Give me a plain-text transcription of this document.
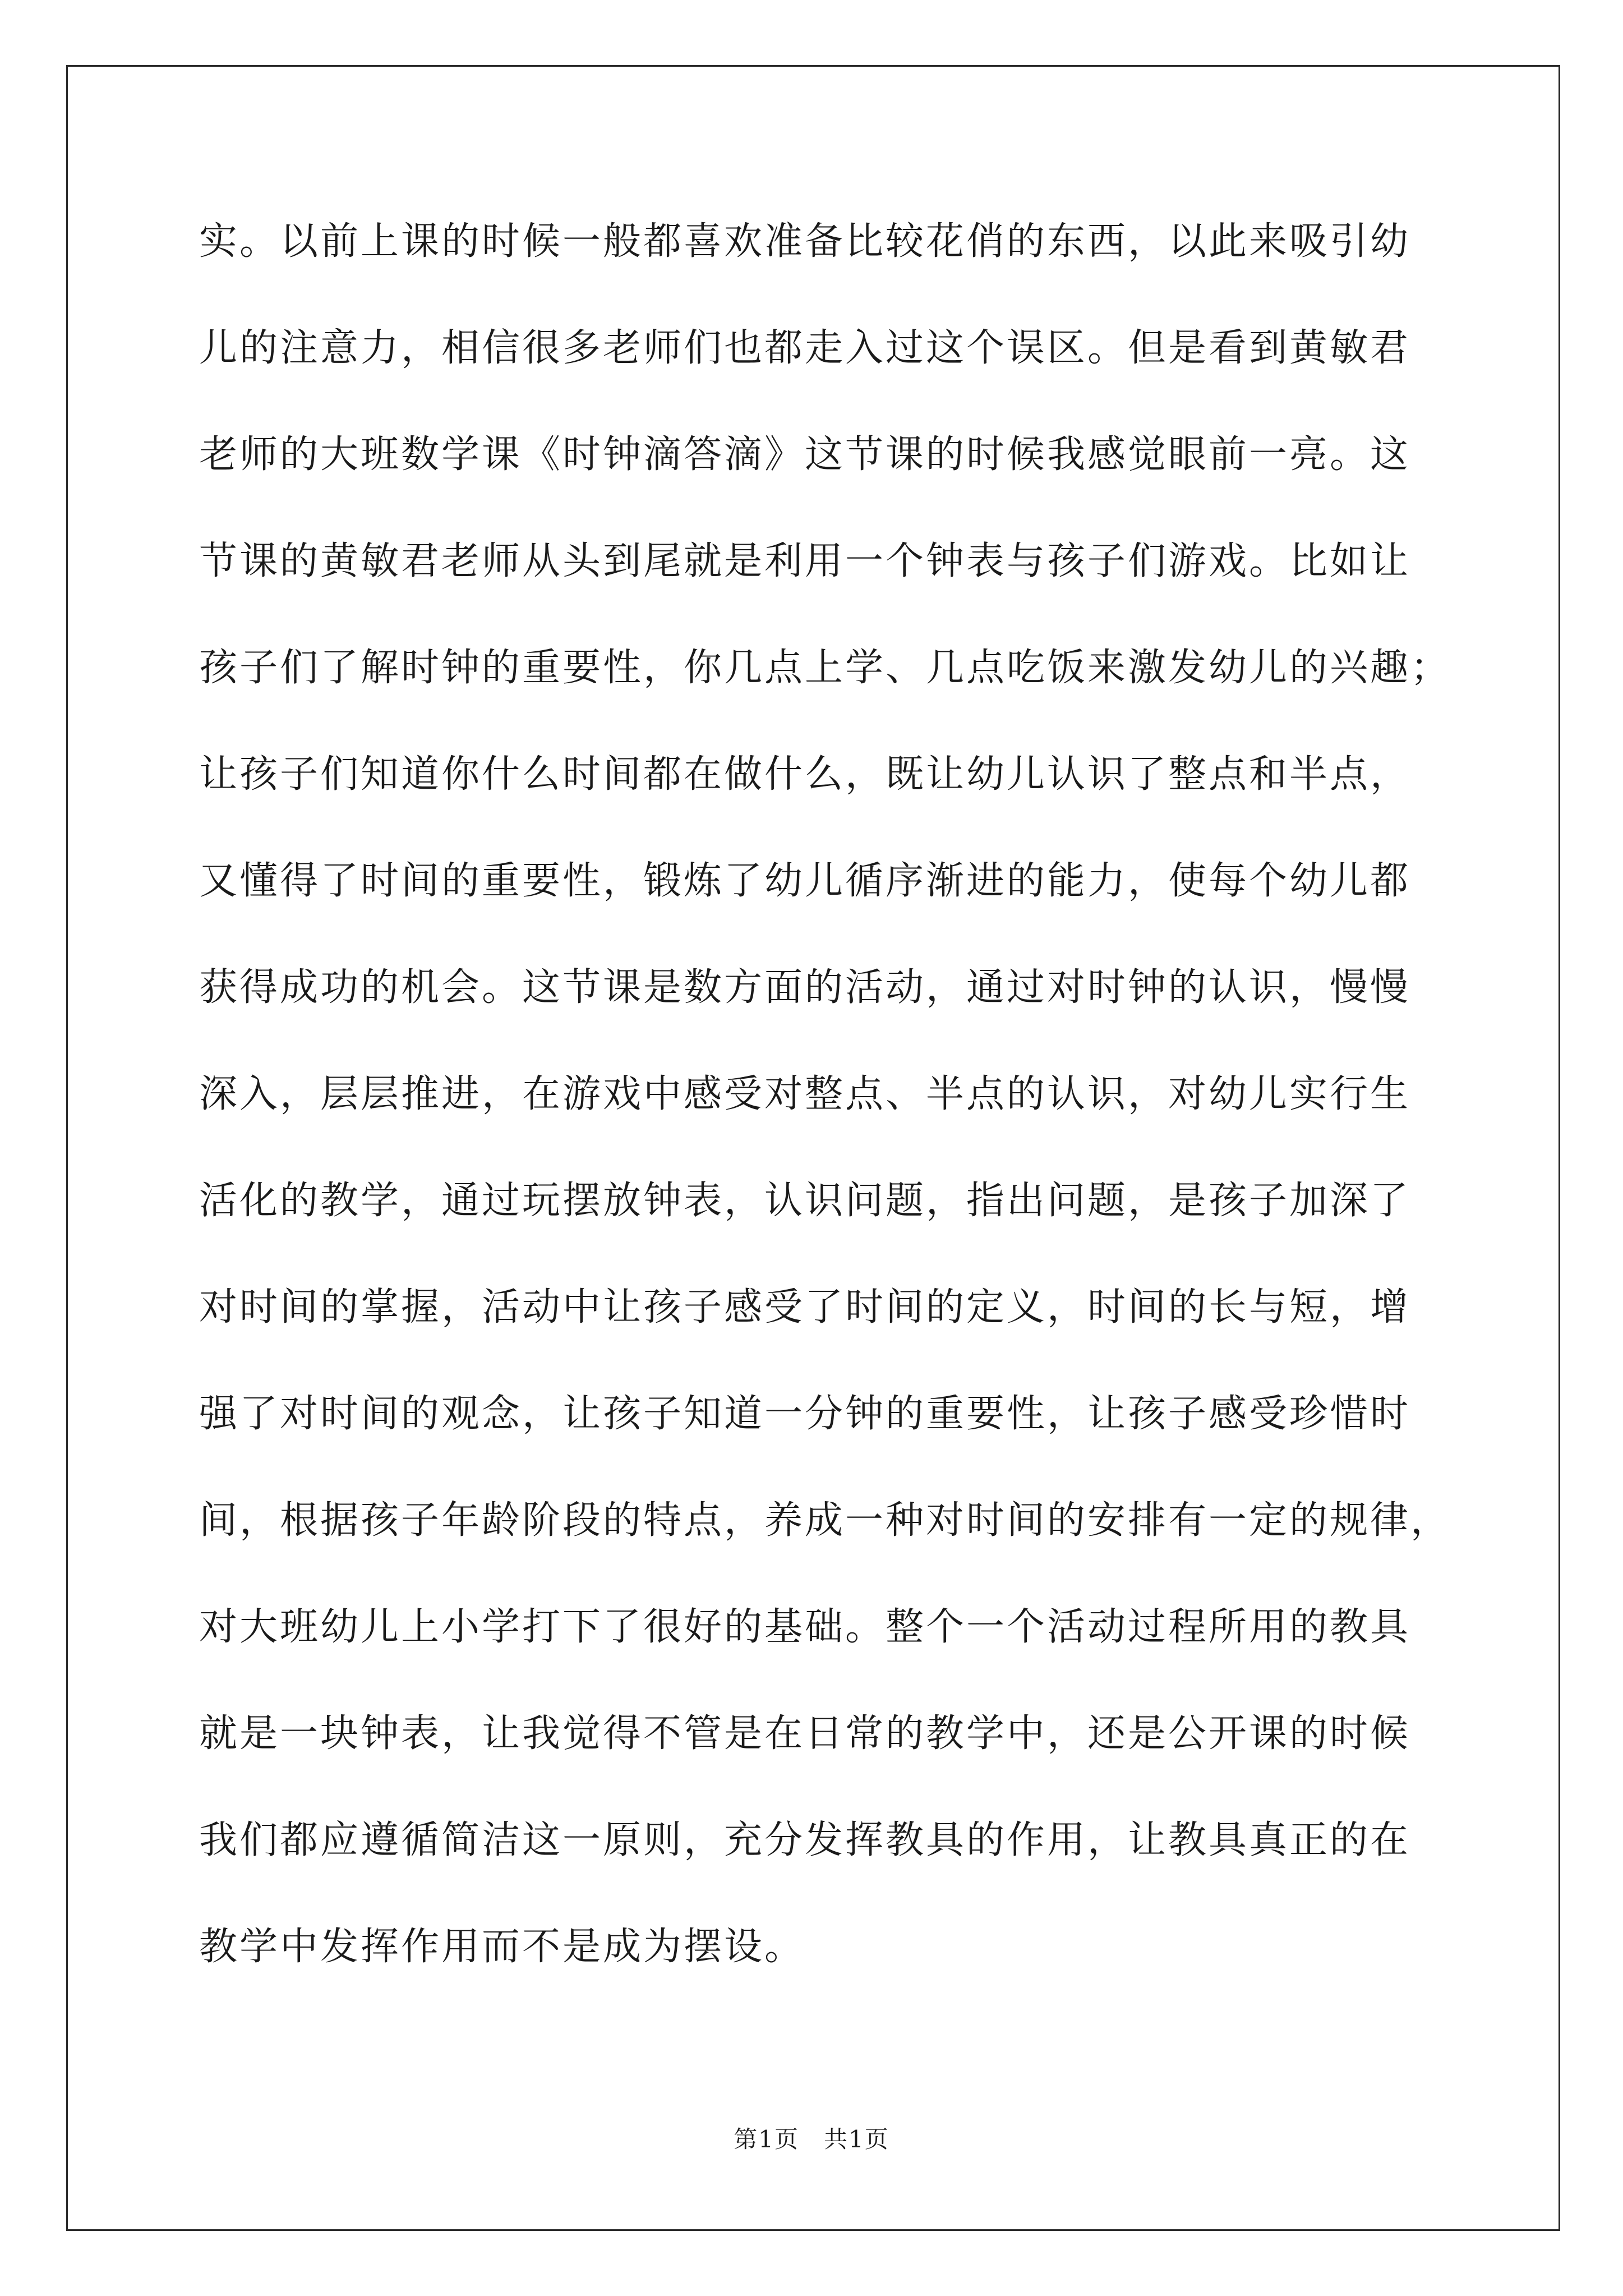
实。以前上课的时候一般都喜欢准备比较花俏的东西，以此来吸引幼

儿的注意力，相信很多老师们也都走入过这个误区。但是看到黄敏君

老师的大班数学课《时钟滴答滴》这节课的时候我感觉眼前一亮。这

节课的黄敏君老师从头到尾就是利用一个钟表与孩子们游戏。比如让

孩子们了解时钟的重要性，你几点上学、几点吃饭来激发幼儿的兴趣；

让孩子们知道你什么时间都在做什么，既让幼儿认识了整点和半点，

又懂得了时间的重要性，锻炼了幼儿循序渐进的能力，使每个幼儿都

获得成功的机会。这节课是数方面的活动，通过对时钟的认识，慢慢

深入，层层推进，在游戏中感受对整点、半点的认识，对幼儿实行生

活化的教学，通过玩摆放钟表，认识问题，指出问题，是孩子加深了

对时间的掌握，活动中让孩子感受了时间的定义，时间的长与短，增

强了对时间的观念，让孩子知道一分钟的重要性，让孩子感受珍惜时

间，根据孩子年龄阶段的特点，养成一种对时间的安排有一定的规律，

对大班幼儿上小学打下了很好的基础。整个一个活动过程所用的教具

就是一块钟表，让我觉得不管是在日常的教学中，还是公开课的时候

我们都应遵循简洁这一原则，充分发挥教具的作用，让教具真正的在

教学中发挥作用而不是成为摆设。

第1页　共1页
